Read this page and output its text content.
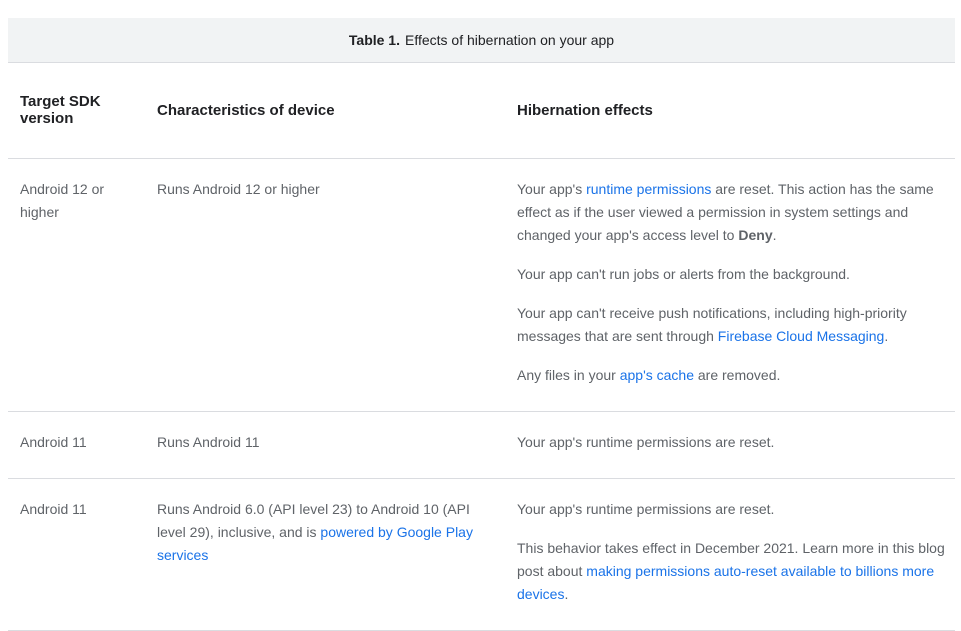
Table 1. Effects of hibernation on your app
Target SDK version	Characteristics of device	Hibernation effects

Android 12 or higher	Runs Android 12 or higher	Your app's runtime permissions are reset. This action has the same effect as if the user viewed a permission in system settings and changed your app's access level to Deny.

Your app can't run jobs or alerts from the background.

Your app can't receive push notifications, including high-priority messages that are sent through Firebase Cloud Messaging.

Any files in your app's cache are removed.

Android 11	Runs Android 11	Your app's runtime permissions are reset.

Android 11	Runs Android 6.0 (API level 23) to Android 10 (API level 29), inclusive, and is powered by Google Play services	Your app's runtime permissions are reset.

This behavior takes effect in December 2021. Learn more in this blog post about making permissions auto-reset available to billions more devices.
